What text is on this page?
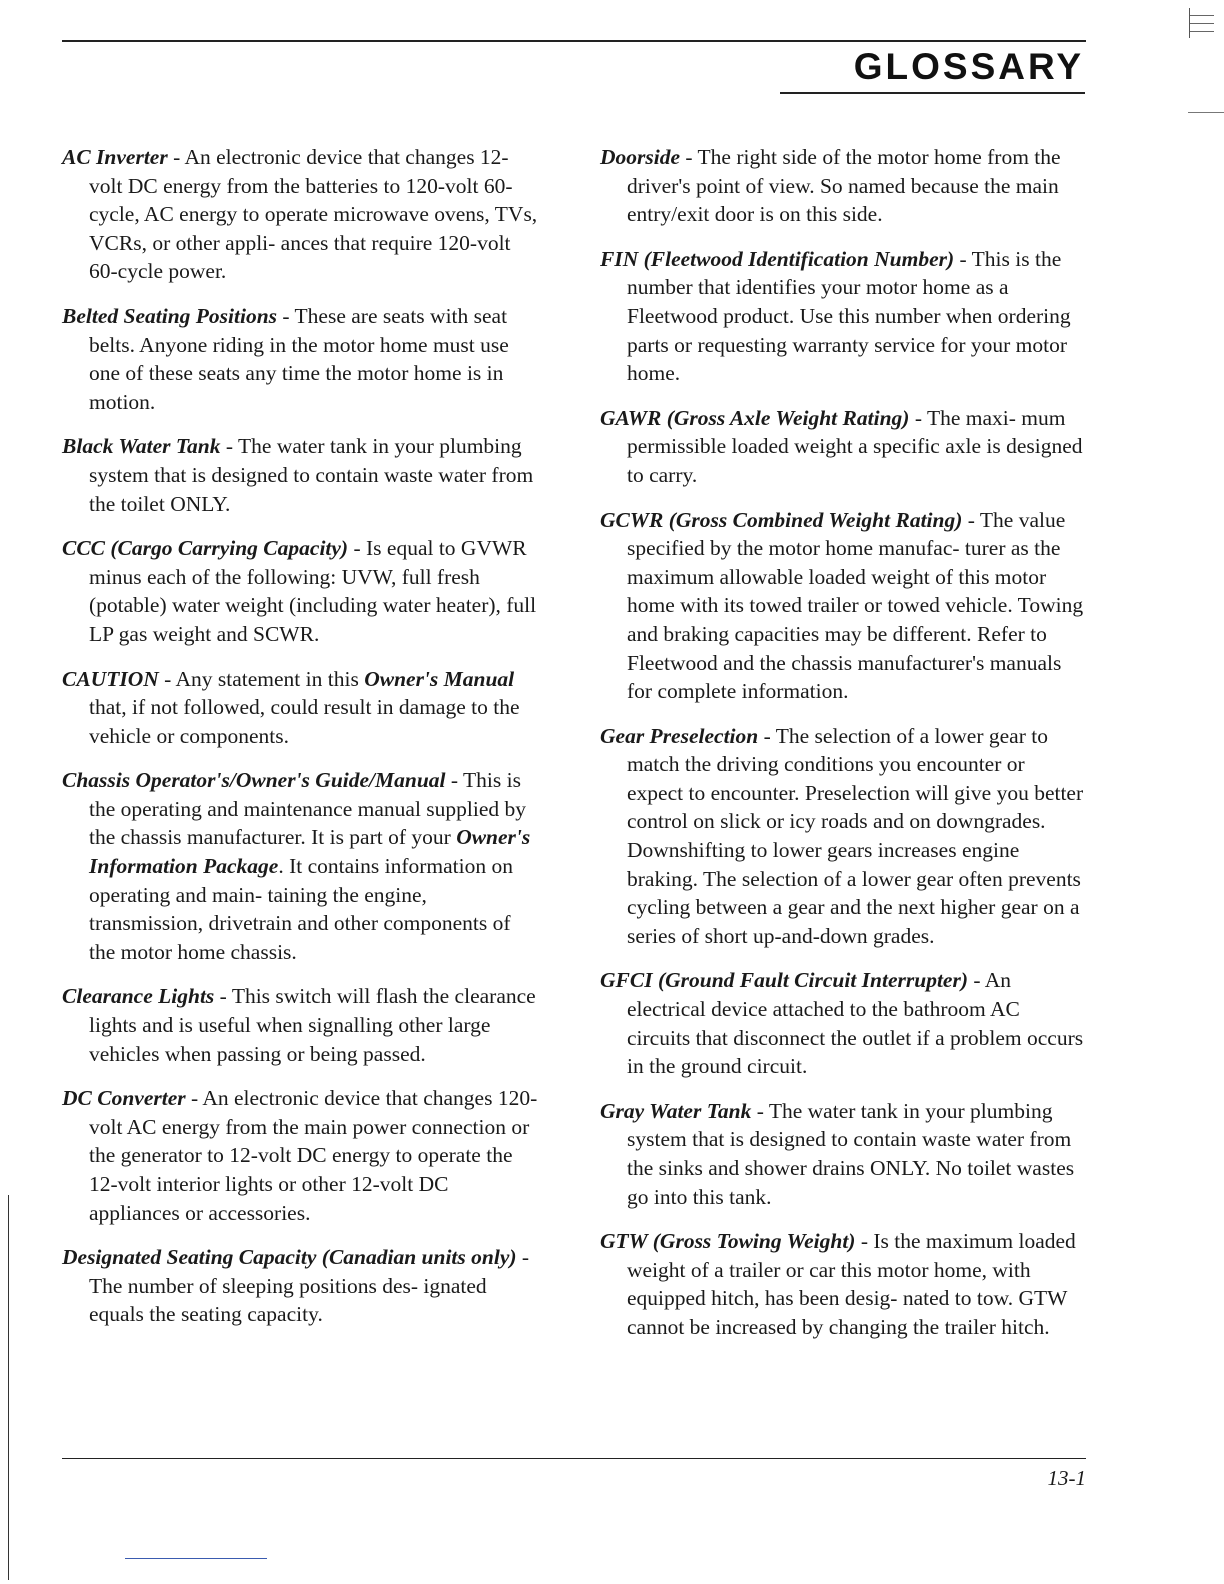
GLOSSARY

AC Inverter - An electronic device that changes 12-volt DC energy from the batteries to 120-volt 60-cycle, AC energy to operate microwave ovens, TVs, VCRs, or other appli- ances that require 120-volt 60-cycle power.

Belted Seating Positions - These are seats with seat belts. Anyone riding in the motor home must use one of these seats any time the motor home is in motion.

Black Water Tank - The water tank in your plumbing system that is designed to contain waste water from the toilet ONLY.

CCC (Cargo Carrying Capacity) - Is equal to GVWR minus each of the following: UVW, full fresh (potable) water weight (including water heater), full LP gas weight and SCWR.

CAUTION - Any statement in this Owner's Manual that, if not followed, could result in damage to the vehicle or components.

Chassis Operator's/Owner's Guide/Manual - This is the operating and maintenance manual supplied by the chassis manufacturer. It is part of your Owner's Information Package. It contains information on operating and main- taining the engine, transmission, drivetrain and other components of the motor home chassis.

Clearance Lights - This switch will flash the clearance lights and is useful when signalling other large vehicles when passing or being passed.

DC Converter - An electronic device that changes 120-volt AC energy from the main power connection or the generator to 12-volt DC energy to operate the 12-volt interior lights or other 12-volt DC appliances or accessories.

Designated Seating Capacity (Canadian units only) - The number of sleeping positions des- ignated equals the seating capacity.

Doorside - The right side of the motor home from the driver's point of view. So named because the main entry/exit door is on this side.

FIN (Fleetwood Identification Number) - This is the number that identifies your motor home as a Fleetwood product. Use this number when ordering parts or requesting warranty service for your motor home.

GAWR (Gross Axle Weight Rating) - The maxi- mum permissible loaded weight a specific axle is designed to carry.

GCWR (Gross Combined Weight Rating) - The value specified by the motor home manufac- turer as the maximum allowable loaded weight of this motor home with its towed trailer or towed vehicle. Towing and braking capacities may be different. Refer to Fleetwood and the chassis manufacturer's manuals for complete information.

Gear Preselection - The selection of a lower gear to match the driving conditions you encounter or expect to encounter. Preselection will give you better control on slick or icy roads and on downgrades. Downshifting to lower gears increases engine braking. The selection of a lower gear often prevents cycling between a gear and the next higher gear on a series of short up-and-down grades.

GFCI (Ground Fault Circuit Interrupter) - An electrical device attached to the bathroom AC circuits that disconnect the outlet if a problem occurs in the ground circuit.

Gray Water Tank - The water tank in your plumbing system that is designed to contain waste water from the sinks and shower drains ONLY. No toilet wastes go into this tank.

GTW (Gross Towing Weight) - Is the maximum loaded weight of a trailer or car this motor home, with equipped hitch, has been desig- nated to tow. GTW cannot be increased by changing the trailer hitch.

13-1
